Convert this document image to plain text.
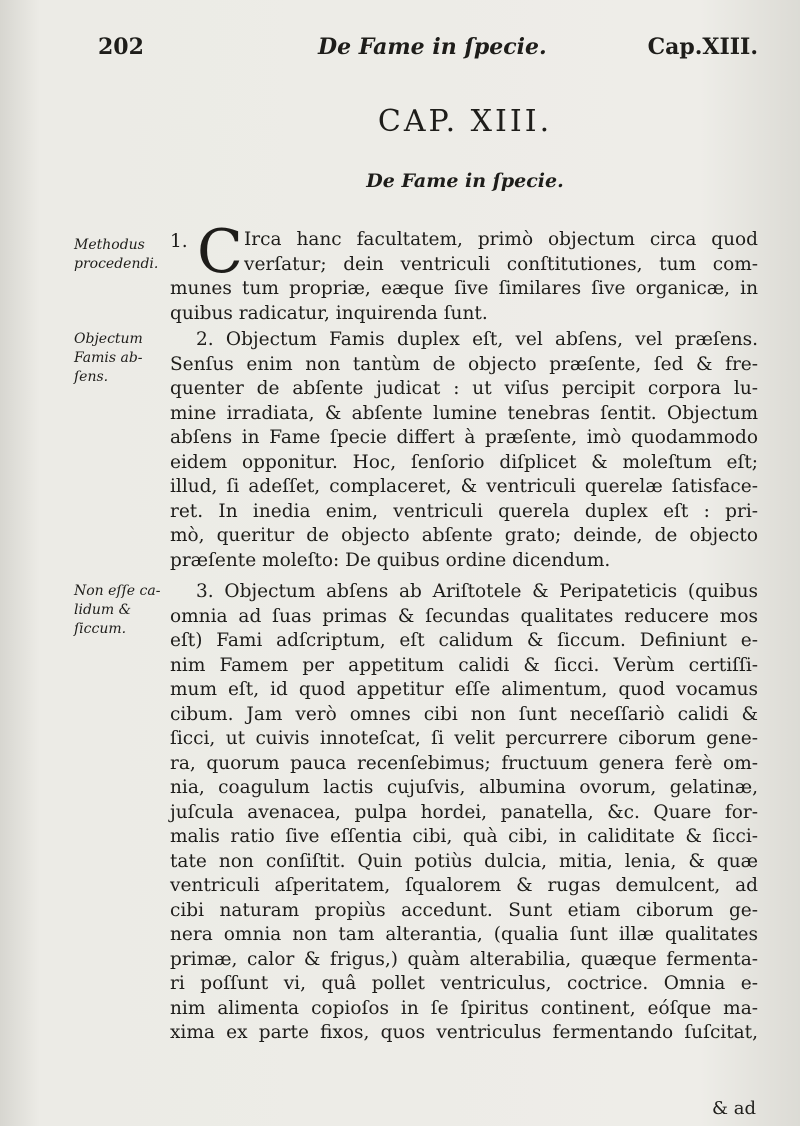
202	De Fame in ſpecie.	Cap.XIII.
CAP. XIII.
De Fame in ſpecie.
Methodus
procedendi.
Objectum
Famis ab-
ſens.
Non eſſe ca-
lidum &
ſiccum.
1. C Irca hanc facultatem, primò objectum circa quod
verſatur; dein ventriculi conſtitutiones, tum com-
munes tum propriæ, eæque ſive ſimilares ſive organicæ, in
quibus radicatur, inquirenda ſunt.
2. Objectum Famis duplex eſt, vel abſens, vel præſens.
Senſus enim non tantùm de objecto præſente, ſed & fre-
quenter de abſente judicat : ut viſus percipit corpora lu-
mine irradiata, & abſente lumine tenebras ſentit. Objectum
abſens in Fame ſpecie differt à præſente, imò quodammodo
eidem opponitur. Hoc, ſenſorio diſplicet & moleſtum eſt;
illud, ſi adeſſet, complaceret, & ventriculi querelæ ſatisface-
ret. In inedia enim, ventriculi querela duplex eſt : pri-
mò, queritur de objecto abſente grato; deinde, de objecto
præſente moleſto: De quibus ordine dicendum.
3. Objectum abſens ab Ariſtotele & Peripateticis (quibus
omnia ad ſuas primas & ſecundas qualitates reducere mos
eſt) Fami adſcriptum, eſt calidum & ſiccum. Definiunt e-
nim Famem per appetitum calidi & ſicci. Verùm certiſſi-
mum eſt, id quod appetitur eſſe alimentum, quod vocamus
cibum. Jam verò omnes cibi non ſunt neceſſariò calidi &
ſicci, ut cuivis innoteſcat, ſi velit percurrere ciborum gene-
ra, quorum pauca recenſebimus; fructuum genera ferè om-
nia, coagulum lactis cujuſvis, albumina ovorum, gelatinæ,
juſcula avenacea, pulpa hordei, panatella, &c. Quare for-
malis ratio ſive eſſentia cibi, quà cibi, in caliditate & ſicci-
tate non conſiſtit. Quin potiùs dulcia, mitia, lenia, & quæ
ventriculi aſperitatem, ſqualorem & rugas demulcent, ad
cibi naturam propiùs accedunt. Sunt etiam ciborum ge-
nera omnia non tam alterantia, (qualia ſunt illæ qualitates
primæ, calor & frigus,) quàm alterabilia, quæque fermenta-
ri poſſunt vi, quâ pollet ventriculus, coctrice. Omnia e-
nim alimenta copioſos in ſe ſpiritus continent, eóſque ma-
xima ex parte fixos, quos ventriculus fermentando ſuſcitat,
& ad
